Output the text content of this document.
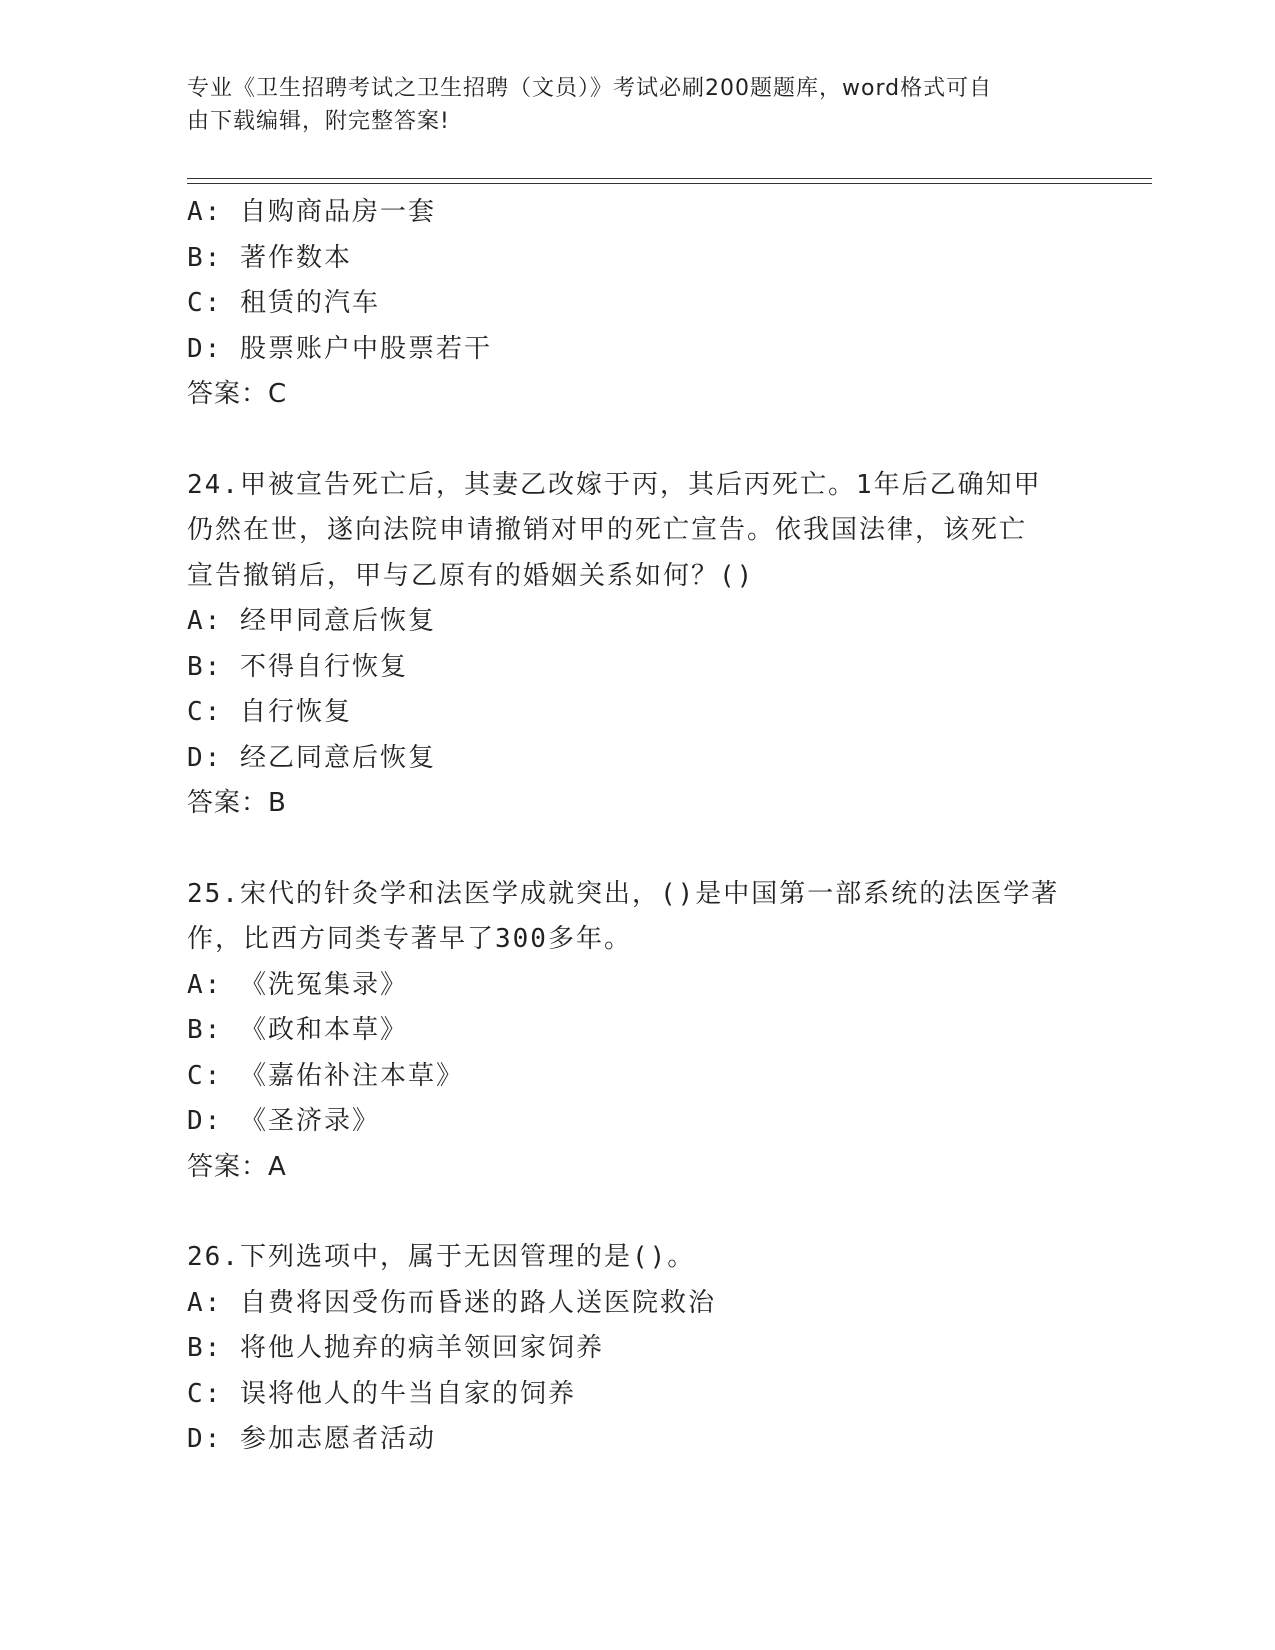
专业《卫生招聘考试之卫生招聘（文员）》考试必刷200题题库，word格式可自
由下载编辑，附完整答案!
A: 自购商品房一套
B: 著作数本
C: 租赁的汽车
D: 股票账户中股票若干
答案：C
24.甲被宣告死亡后，其妻乙改嫁于丙，其后丙死亡。1年后乙确知甲
仍然在世，遂向法院申请撤销对甲的死亡宣告。依我国法律，该死亡
宣告撤销后，甲与乙原有的婚姻关系如何？()
A: 经甲同意后恢复
B: 不得自行恢复
C: 自行恢复
D: 经乙同意后恢复
答案：B
25.宋代的针灸学和法医学成就突出，()是中国第一部系统的法医学著
作，比西方同类专著早了300多年。
A: 《洗冤集录》
B: 《政和本草》
C: 《嘉佑补注本草》
D: 《圣济录》
答案：A
26.下列选项中，属于无因管理的是()。
A: 自费将因受伤而昏迷的路人送医院救治
B: 将他人抛弃的病羊领回家饲养
C: 误将他人的牛当自家的饲养
D: 参加志愿者活动
